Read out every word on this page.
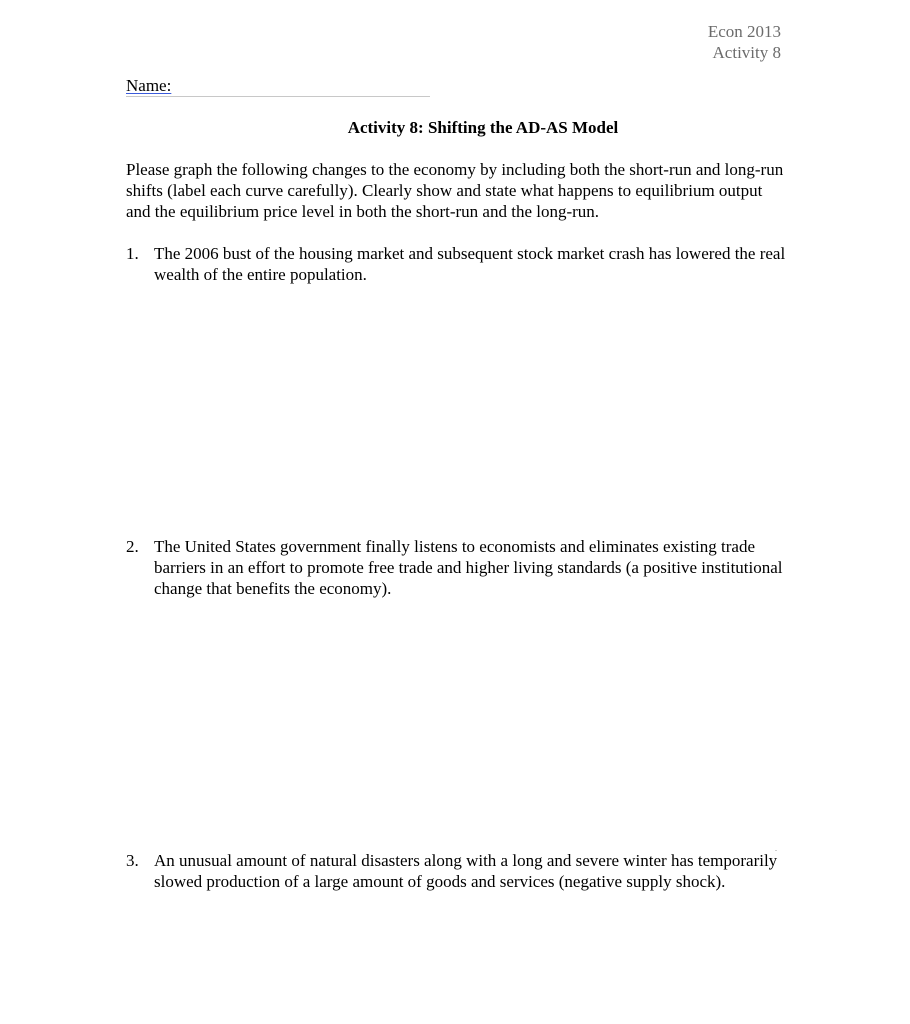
Econ 2013
Activity 8
Name:
Activity 8: Shifting the AD-AS Model
Please graph the following changes to the economy by including both the short-run and long-run shifts (label each curve carefully). Clearly show and state what happens to equilibrium output and the equilibrium price level in both the short-run and the long-run.
1. The 2006 bust of the housing market and subsequent stock market crash has lowered the real wealth of the entire population.
2. The United States government finally listens to economists and eliminates existing trade barriers in an effort to promote free trade and higher living standards (a positive institutional change that benefits the economy).
3. An unusual amount of natural disasters along with a long and severe winter has temporarily slowed production of a large amount of goods and services (negative supply shock).
